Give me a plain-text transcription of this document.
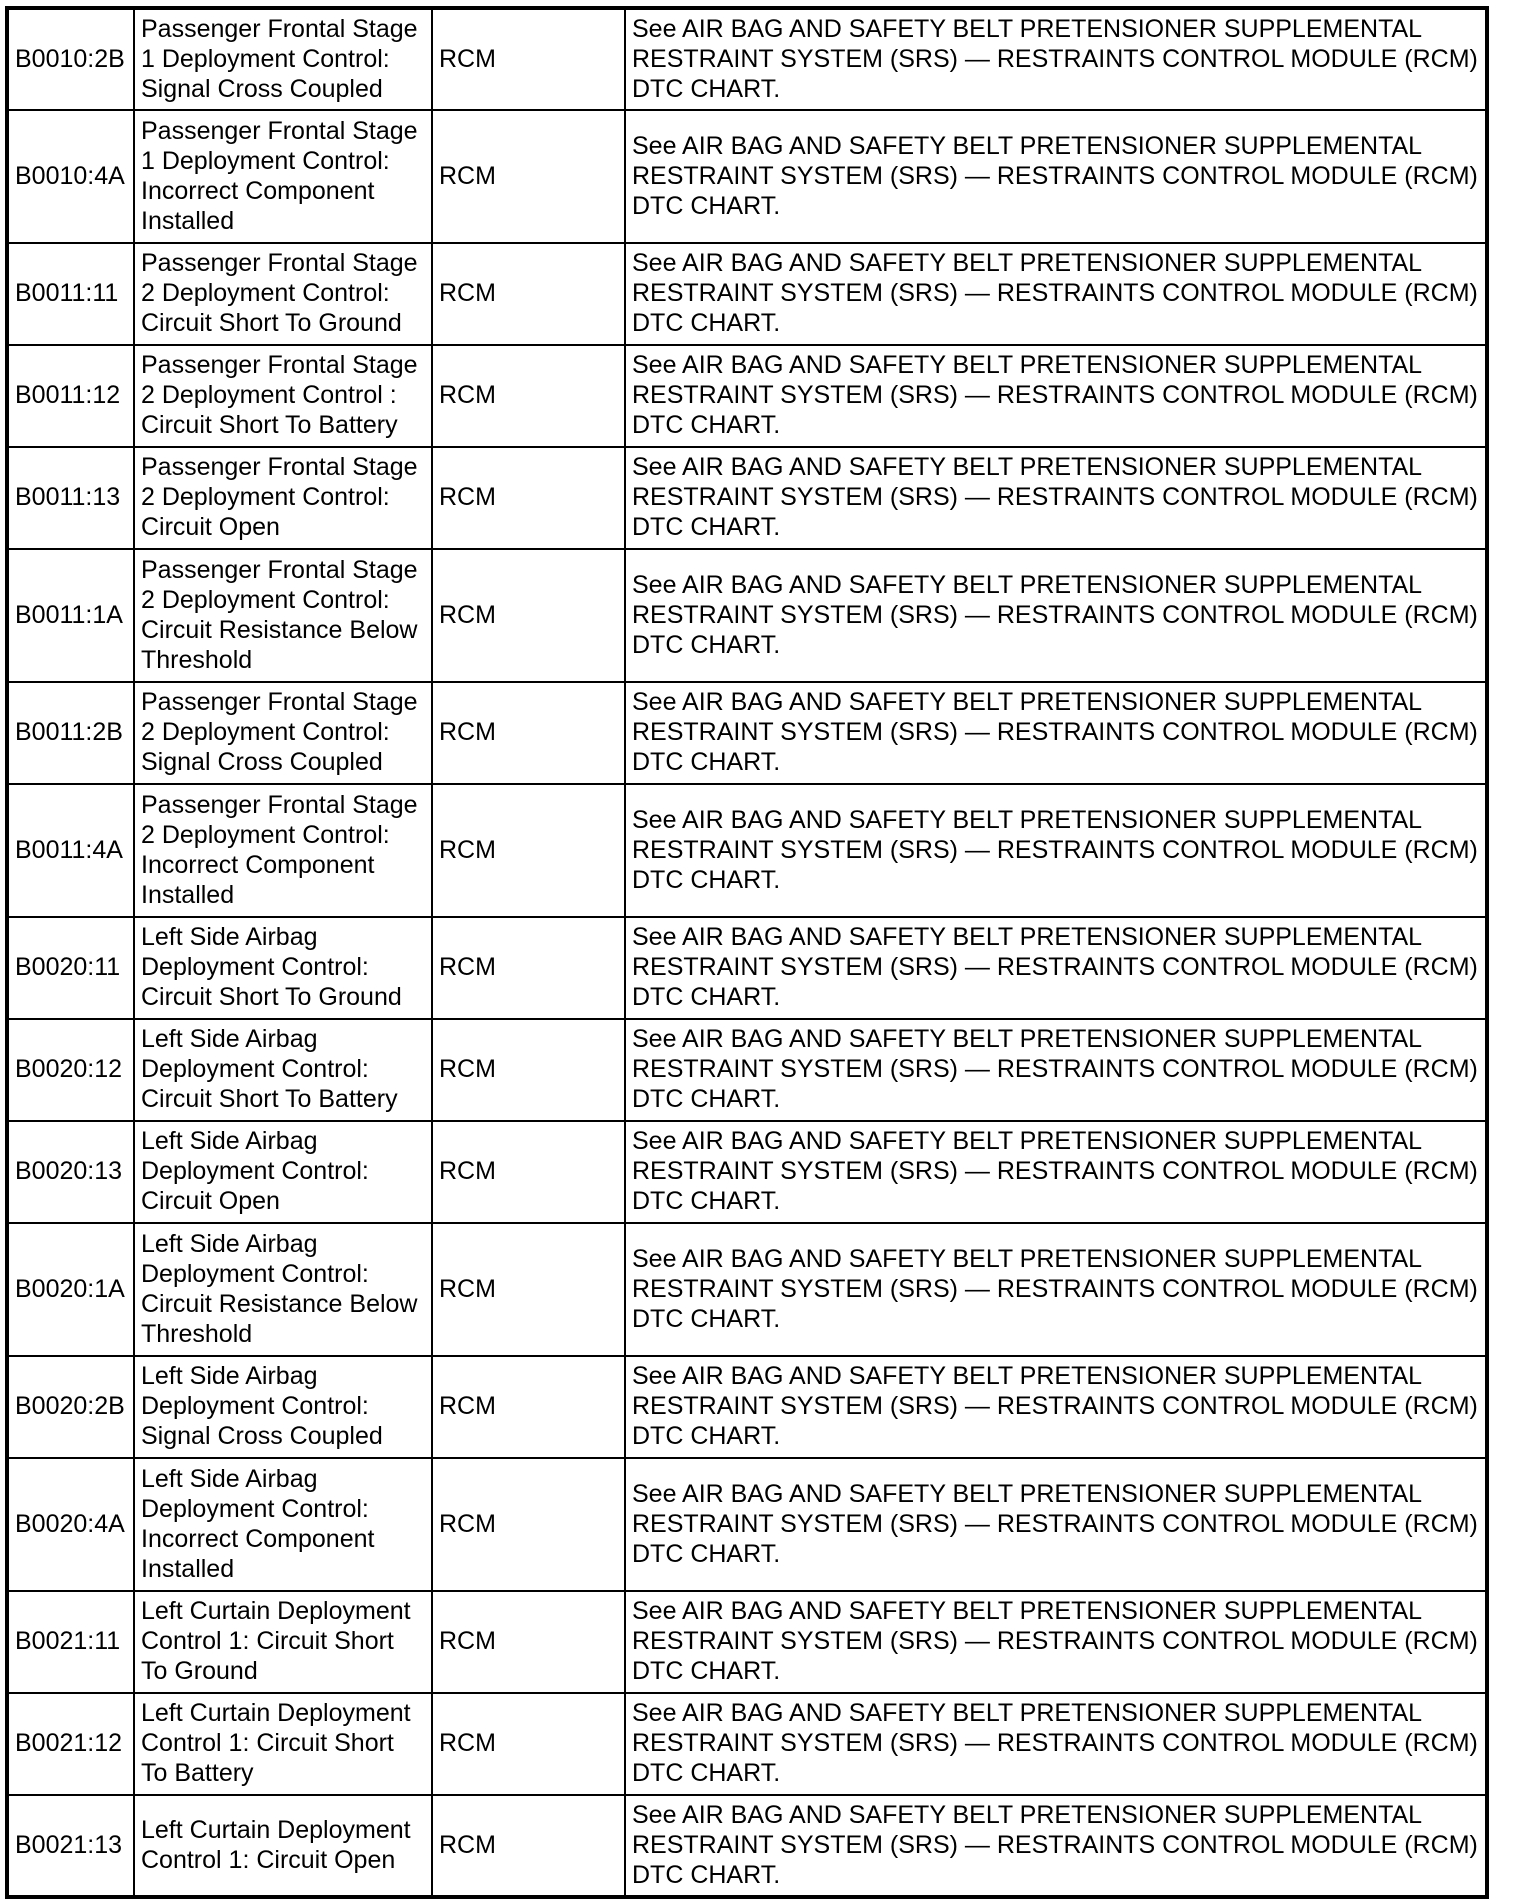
B0010:2B	Passenger Frontal Stage 1 Deployment Control: Signal Cross Coupled	RCM	See AIR BAG AND SAFETY BELT PRETENSIONER SUPPLEMENTAL RESTRAINT SYSTEM (SRS) — RESTRAINTS CONTROL MODULE (RCM) DTC CHART.
B0010:4A	Passenger Frontal Stage 1 Deployment Control: Incorrect Component Installed	RCM	See AIR BAG AND SAFETY BELT PRETENSIONER SUPPLEMENTAL RESTRAINT SYSTEM (SRS) — RESTRAINTS CONTROL MODULE (RCM) DTC CHART.
B0011:11	Passenger Frontal Stage 2 Deployment Control: Circuit Short To Ground	RCM	See AIR BAG AND SAFETY BELT PRETENSIONER SUPPLEMENTAL RESTRAINT SYSTEM (SRS) — RESTRAINTS CONTROL MODULE (RCM) DTC CHART.
B0011:12	Passenger Frontal Stage 2 Deployment Control : Circuit Short To Battery	RCM	See AIR BAG AND SAFETY BELT PRETENSIONER SUPPLEMENTAL RESTRAINT SYSTEM (SRS) — RESTRAINTS CONTROL MODULE (RCM) DTC CHART.
B0011:13	Passenger Frontal Stage 2 Deployment Control: Circuit Open	RCM	See AIR BAG AND SAFETY BELT PRETENSIONER SUPPLEMENTAL RESTRAINT SYSTEM (SRS) — RESTRAINTS CONTROL MODULE (RCM) DTC CHART.
B0011:1A	Passenger Frontal Stage 2 Deployment Control: Circuit Resistance Below Threshold	RCM	See AIR BAG AND SAFETY BELT PRETENSIONER SUPPLEMENTAL RESTRAINT SYSTEM (SRS) — RESTRAINTS CONTROL MODULE (RCM) DTC CHART.
B0011:2B	Passenger Frontal Stage 2 Deployment Control: Signal Cross Coupled	RCM	See AIR BAG AND SAFETY BELT PRETENSIONER SUPPLEMENTAL RESTRAINT SYSTEM (SRS) — RESTRAINTS CONTROL MODULE (RCM) DTC CHART.
B0011:4A	Passenger Frontal Stage 2 Deployment Control: Incorrect Component Installed	RCM	See AIR BAG AND SAFETY BELT PRETENSIONER SUPPLEMENTAL RESTRAINT SYSTEM (SRS) — RESTRAINTS CONTROL MODULE (RCM) DTC CHART.
B0020:11	Left Side Airbag Deployment Control: Circuit Short To Ground	RCM	See AIR BAG AND SAFETY BELT PRETENSIONER SUPPLEMENTAL RESTRAINT SYSTEM (SRS) — RESTRAINTS CONTROL MODULE (RCM) DTC CHART.
B0020:12	Left Side Airbag Deployment Control: Circuit Short To Battery	RCM	See AIR BAG AND SAFETY BELT PRETENSIONER SUPPLEMENTAL RESTRAINT SYSTEM (SRS) — RESTRAINTS CONTROL MODULE (RCM) DTC CHART.
B0020:13	Left Side Airbag Deployment Control: Circuit Open	RCM	See AIR BAG AND SAFETY BELT PRETENSIONER SUPPLEMENTAL RESTRAINT SYSTEM (SRS) — RESTRAINTS CONTROL MODULE (RCM) DTC CHART.
B0020:1A	Left Side Airbag Deployment Control: Circuit Resistance Below Threshold	RCM	See AIR BAG AND SAFETY BELT PRETENSIONER SUPPLEMENTAL RESTRAINT SYSTEM (SRS) — RESTRAINTS CONTROL MODULE (RCM) DTC CHART.
B0020:2B	Left Side Airbag Deployment Control: Signal Cross Coupled	RCM	See AIR BAG AND SAFETY BELT PRETENSIONER SUPPLEMENTAL RESTRAINT SYSTEM (SRS) — RESTRAINTS CONTROL MODULE (RCM) DTC CHART.
B0020:4A	Left Side Airbag Deployment Control: Incorrect Component Installed	RCM	See AIR BAG AND SAFETY BELT PRETENSIONER SUPPLEMENTAL RESTRAINT SYSTEM (SRS) — RESTRAINTS CONTROL MODULE (RCM) DTC CHART.
B0021:11	Left Curtain Deployment Control 1: Circuit Short To Ground	RCM	See AIR BAG AND SAFETY BELT PRETENSIONER SUPPLEMENTAL RESTRAINT SYSTEM (SRS) — RESTRAINTS CONTROL MODULE (RCM) DTC CHART.
B0021:12	Left Curtain Deployment Control 1: Circuit Short To Battery	RCM	See AIR BAG AND SAFETY BELT PRETENSIONER SUPPLEMENTAL RESTRAINT SYSTEM (SRS) — RESTRAINTS CONTROL MODULE (RCM) DTC CHART.
B0021:13	Left Curtain Deployment Control 1: Circuit Open	RCM	See AIR BAG AND SAFETY BELT PRETENSIONER SUPPLEMENTAL RESTRAINT SYSTEM (SRS) — RESTRAINTS CONTROL MODULE (RCM) DTC CHART.
